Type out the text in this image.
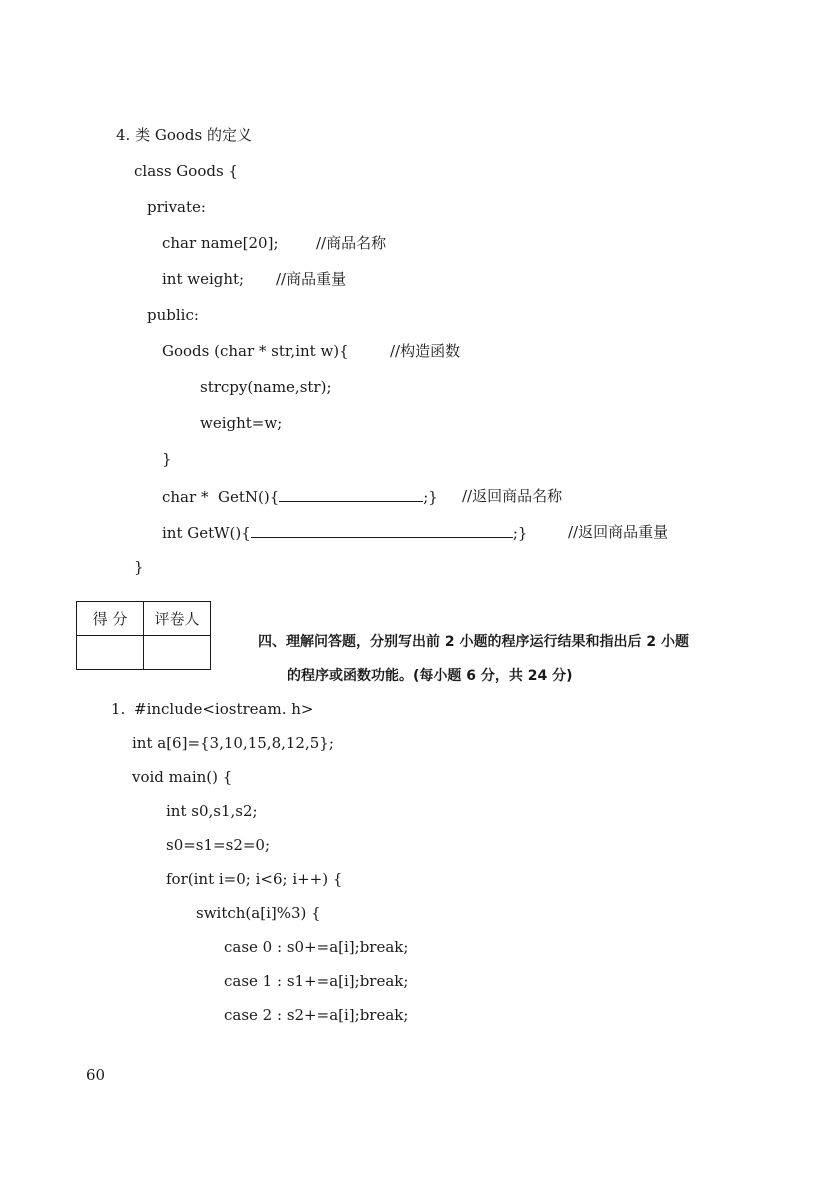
4. 类 Goods 的定义
class Goods {
private:
char name[20];	//商品名称
int weight; //商品重量
public:
Goods (char * str,int w){	//构造函数
strcpy(name,str);
weight=w;
}
char *  GetN(){	;} //返回商品名称
int GetW(){	;}	//返回商品重量
}
得 分	评卷人

四、理解问答题，分别写出前 2 小题的程序运行结果和指出后 2 小题
的程序或函数功能。(每小题 6 分，共 24 分)
1. #include<iostream. h>
int a[6]={3,10,15,8,12,5};
void main() {
int s0,s1,s2;
s0=s1=s2=0;
for(int i=0; i<6; i++) {
switch(a[i]%3) {
case 0 : s0+=a[i];break;
case 1 : s1+=a[i];break;
case 2 : s2+=a[i];break;
60
